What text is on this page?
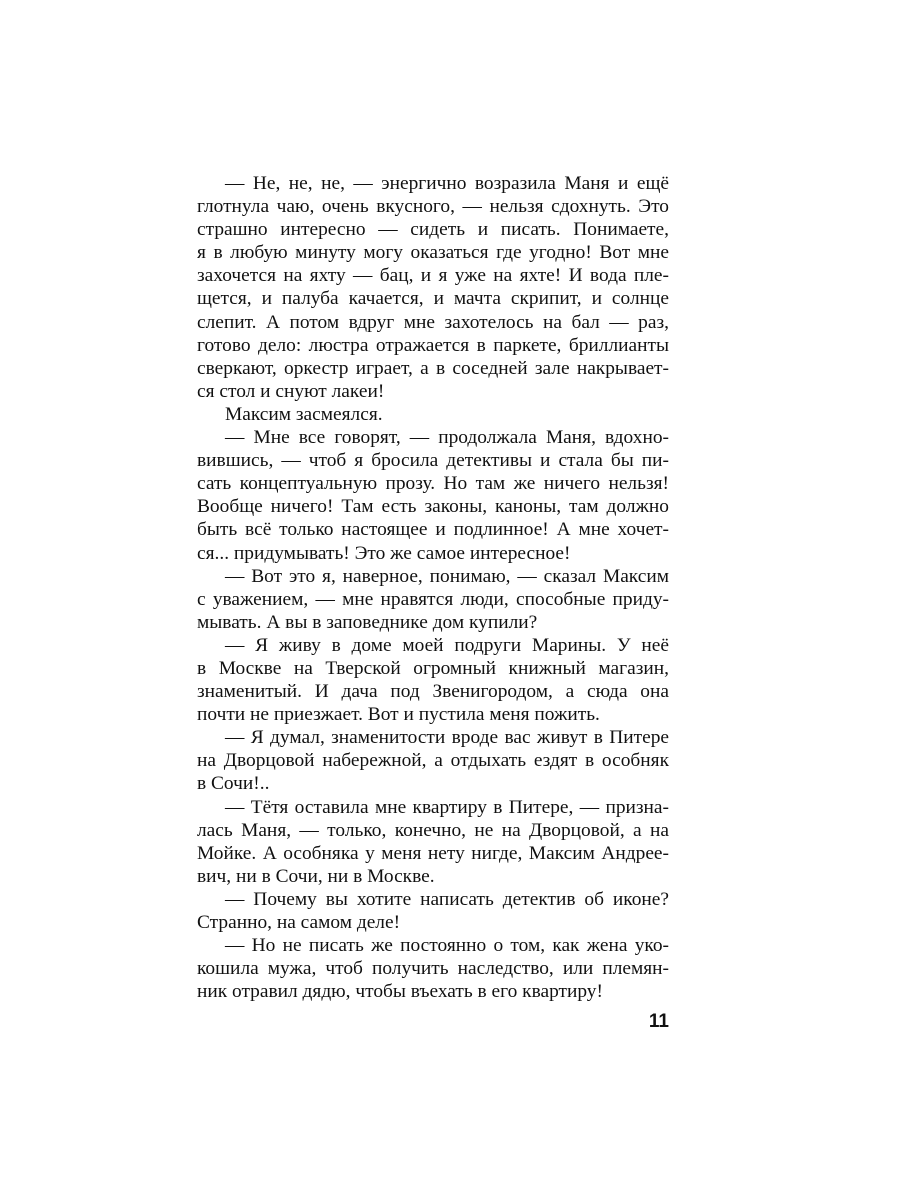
— Не, не, не, — энергично возразила Маня и ещё
глотнула чаю, очень вкусного, — нельзя сдохнуть. Это
страшно интересно — сидеть и писать. Понимаете,
я в любую минуту могу оказаться где угодно! Вот мне
захочется на яхту — бац, и я уже на яхте! И вода пле-
щется, и палуба качается, и мачта скрипит, и солнце
слепит. А потом вдруг мне захотелось на бал — раз,
готово дело: люстра отражается в паркете, бриллианты
сверкают, оркестр играет, а в соседней зале накрывает-
ся стол и снуют лакеи!
Максим засмеялся.
— Мне все говорят, — продолжала Маня, вдохно-
вившись, — чтоб я бросила детективы и стала бы пи-
сать концептуальную прозу. Но там же ничего нельзя!
Вообще ничего! Там есть законы, каноны, там должно
быть всё только настоящее и подлинное! А мне хочет-
ся... придумывать! Это же самое интересное!
— Вот это я, наверное, понимаю, — сказал Максим
с уважением, — мне нравятся люди, способные приду-
мывать. А вы в заповеднике дом купили?
— Я живу в доме моей подруги Марины. У неё
в Москве на Тверской огромный книжный магазин,
знаменитый. И дача под Звенигородом, а сюда она
почти не приезжает. Вот и пустила меня пожить.
— Я думал, знаменитости вроде вас живут в Питере
на Дворцовой набережной, а отдыхать ездят в особняк
в Сочи!..
— Тётя оставила мне квартиру в Питере, — призна-
лась Маня, — только, конечно, не на Дворцовой, а на
Мойке. А особняка у меня нету нигде, Максим Андрее-
вич, ни в Сочи, ни в Москве.
— Почему вы хотите написать детектив об иконе?
Странно, на самом деле!
— Но не писать же постоянно о том, как жена уко-
кошила мужа, чтоб получить наследство, или племян-
ник отравил дядю, чтобы въехать в его квартиру!
11
